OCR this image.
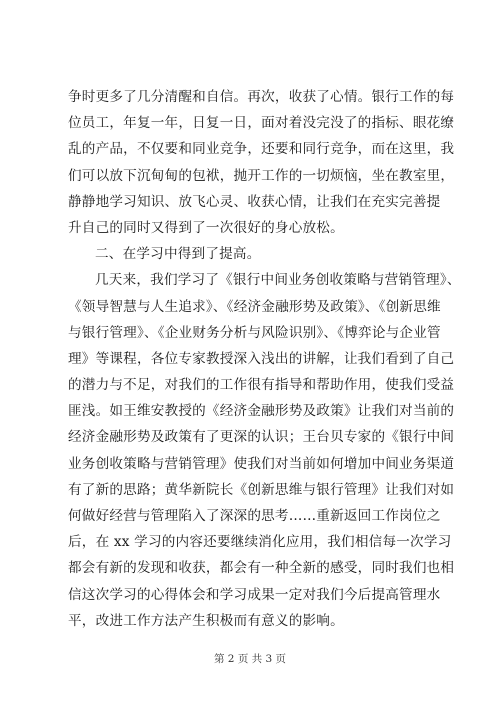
争时更多了几分清醒和自信。再次，收获了心情。银行工作的每
位员工，年复一年，日复一日，面对着没完没了的指标、眼花缭
乱的产品，不仅要和同业竞争，还要和同行竞争，而在这里，我
们可以放下沉甸甸的包袱，抛开工作的一切烦恼，坐在教室里，
静静地学习知识、放飞心灵、收获心情，让我们在充实完善提
升自己的同时又得到了一次很好的身心放松。
二、在学习中得到了提高。
几天来，我们学习了《银行中间业务创收策略与营销管理》、
《领导智慧与人生追求》、《经济金融形势及政策》、《创新思维
与银行管理》、《企业财务分析与风险识别》、《博弈论与企业管
理》等课程，各位专家教授深入浅出的讲解，让我们看到了自己
的潜力与不足，对我们的工作很有指导和帮助作用，使我们受益
匪浅。如王维安教授的《经济金融形势及政策》让我们对当前的
经济金融形势及政策有了更深的认识；王台贝专家的《银行中间
业务创收策略与营销管理》使我们对当前如何增加中间业务渠道
有了新的思路；黄华新院长《创新思维与银行管理》让我们对如
何做好经营与管理陷入了深深的思考……重新返回工作岗位之
后，在 xx 学习的内容还要继续消化应用，我们相信每一次学习
都会有新的发现和收获，都会有一种全新的感受，同时我们也相
信这次学习的心得体会和学习成果一定对我们今后提高管理水
平，改进工作方法产生积极而有意义的影响。
第 2 页 共 3 页
